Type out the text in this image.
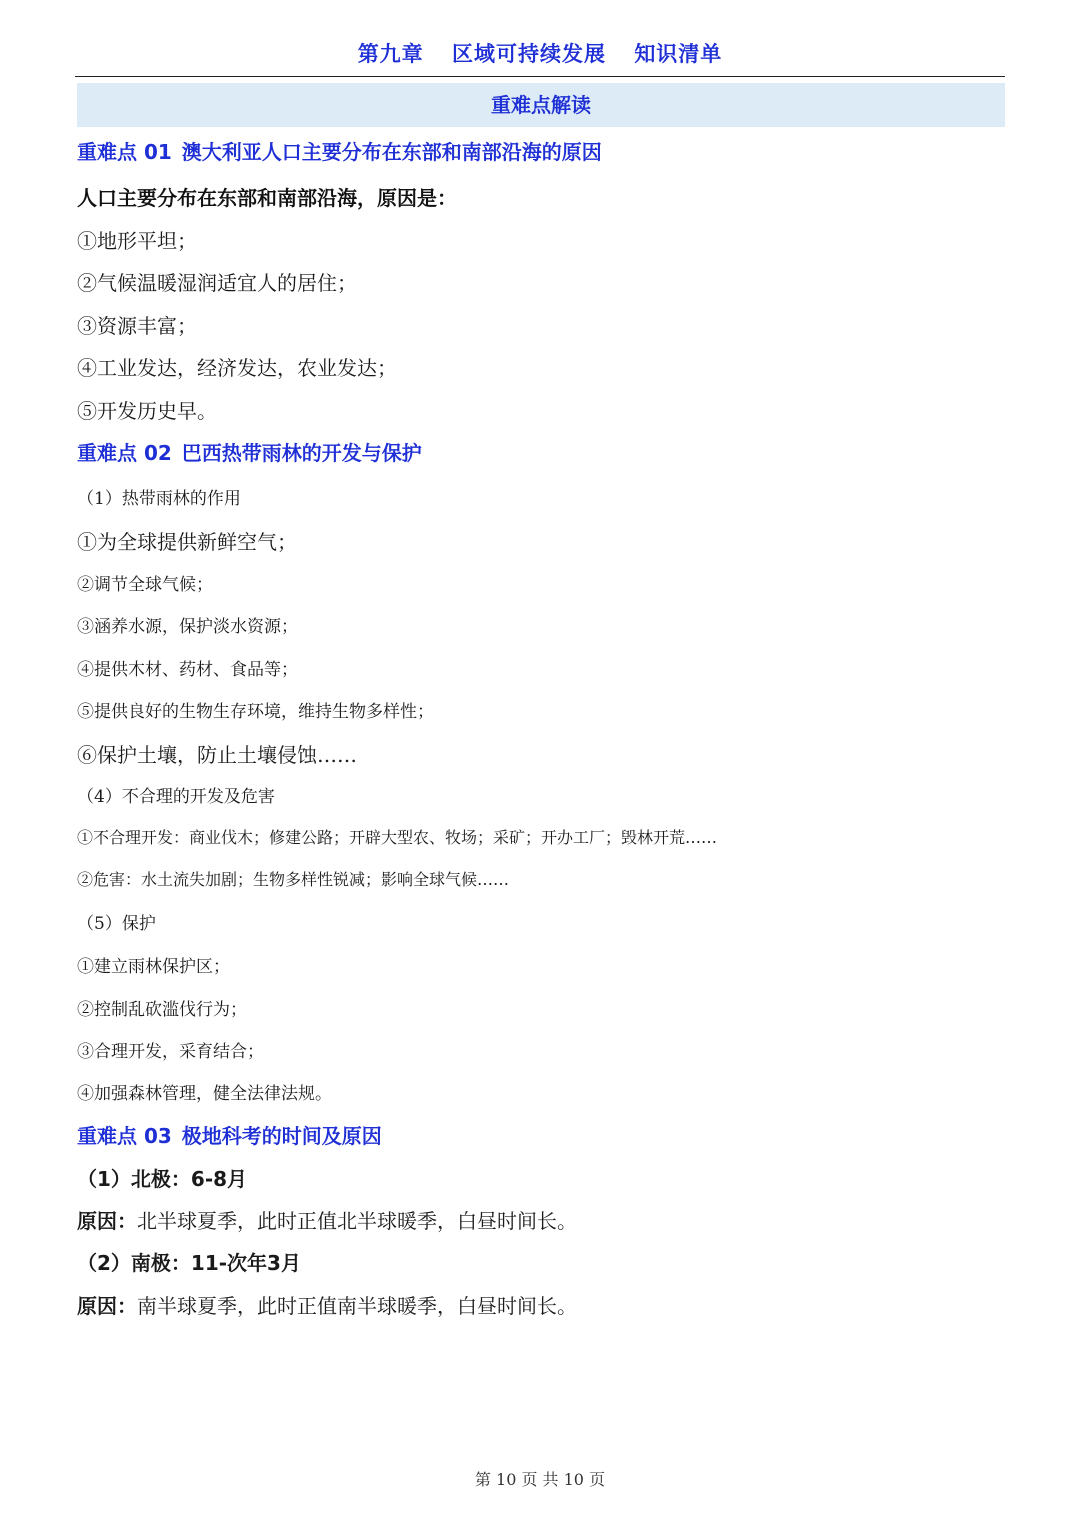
第九章 区域可持续发展 知识清单
重难点解读
重难点 01 澳大利亚人口主要分布在东部和南部沿海的原因
人口主要分布在东部和南部沿海，原因是：
①地形平坦；
②气候温暖湿润适宜人的居住；
③资源丰富；
④工业发达，经济发达，农业发达；
⑤开发历史早。
重难点 02 巴西热带雨林的开发与保护
（1）热带雨林的作用
①为全球提供新鲜空气；
②调节全球气候；
③涵养水源，保护淡水资源；
④提供木材、药材、食品等；
⑤提供良好的生物生存环境，维持生物多样性；
⑥保护土壤，防止土壤侵蚀……
（4）不合理的开发及危害
①不合理开发：商业伐木；修建公路；开辟大型农、牧场；采矿；开办工厂；毁林开荒……
②危害：水土流失加剧；生物多样性锐减；影响全球气候……
（5）保护
①建立雨林保护区；
②控制乱砍滥伐行为；
③合理开发，采育结合；
④加强森林管理，健全法律法规。
重难点 03 极地科考的时间及原因
（1）北极：6-8月
原因：北半球夏季，此时正值北半球暖季，白昼时间长。
（2）南极：11-次年3月
原因：南半球夏季，此时正值南半球暖季，白昼时间长。
第 10 页 共 10 页
